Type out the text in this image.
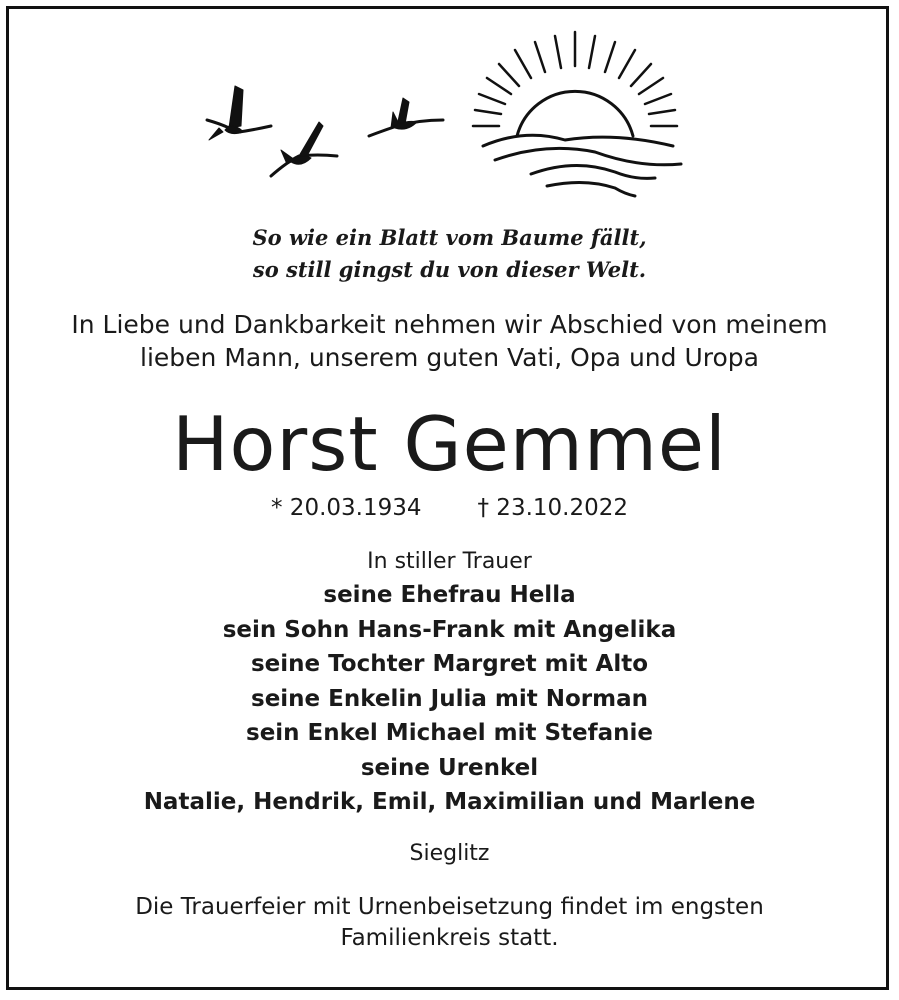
So wie ein Blatt vom Baume fällt,
so still gingst du von dieser Welt.
In Liebe und Dankbarkeit nehmen wir Abschied von meinem
lieben Mann, unserem guten Vati, Opa und Uropa
Horst Gemmel
* 20.03.1934 † 23.10.2022
In stiller Trauer
seine Ehefrau Hella
sein Sohn Hans-Frank mit Angelika
seine Tochter Margret mit Alto
seine Enkelin Julia mit Norman
sein Enkel Michael mit Stefanie
seine Urenkel
Natalie, Hendrik, Emil, Maximilian und Marlene
Sieglitz
Die Trauerfeier mit Urnenbeisetzung findet im engsten
Familienkreis statt.
